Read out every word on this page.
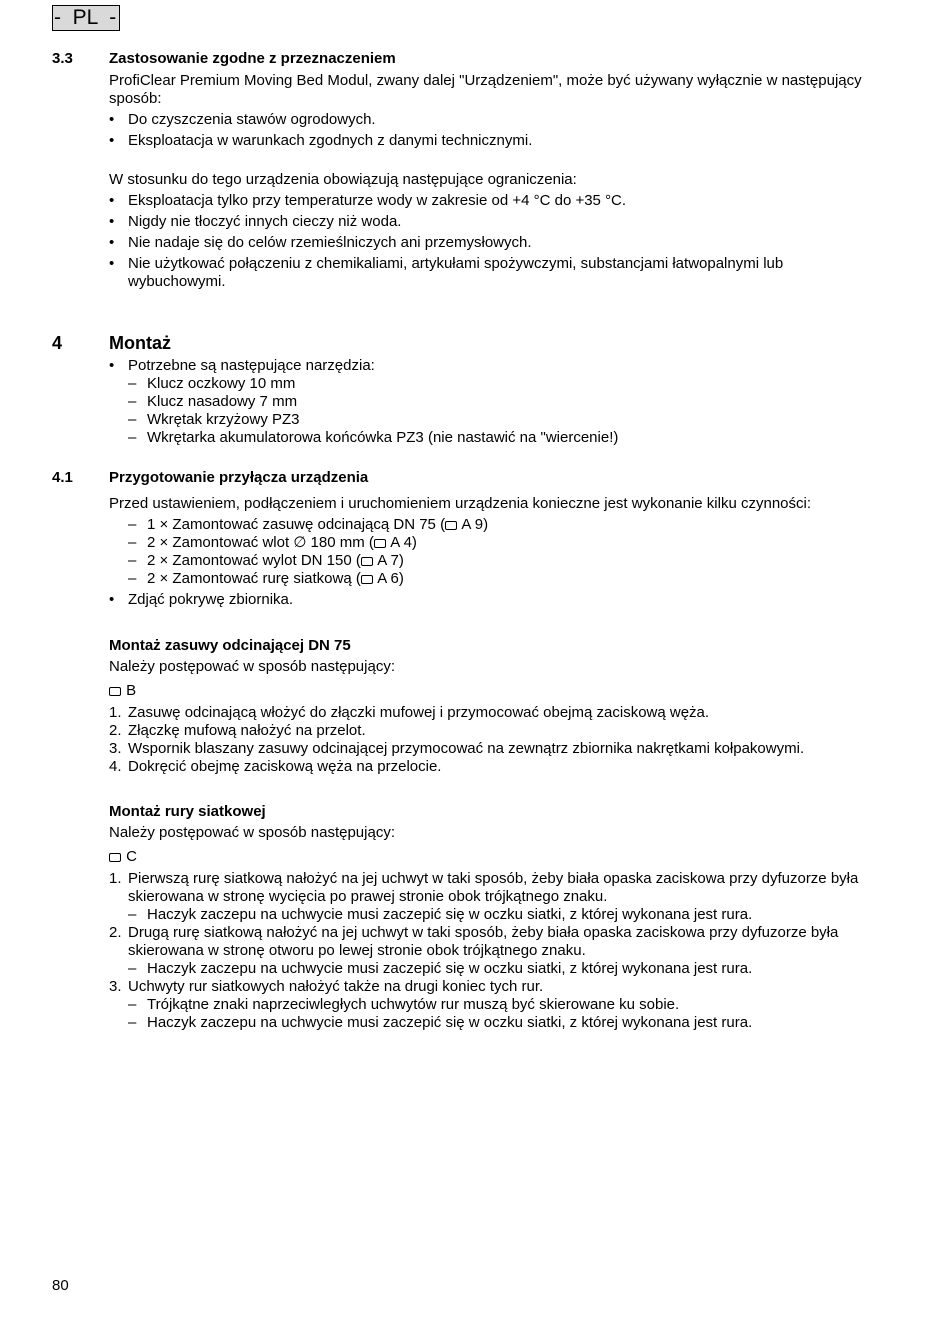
-  PL  -
3.3 Zastosowanie zgodne z przeznaczeniem

ProfiClear Premium Moving Bed Modul, zwany dalej "Urządzeniem", może być używany wyłącznie w następujący sposób:

• Do czyszczenia stawów ogrodowych.
• Eksploatacja w warunkach zgodnych z danymi technicznymi.

W stosunku do tego urządzenia obowiązują następujące ograniczenia:

• Eksploatacja tylko przy temperaturze wody w zakresie od +4 °C do +35 °C.
• Nigdy nie tłoczyć innych cieczy niż woda.
• Nie nadaje się do celów rzemieślniczych ani przemysłowych.
• Nie użytkować połączeniu z chemikaliami, artykułami spożywczymi, substancjami łatwopalnymi lub wybuchowymi.
4	Montaż
• Potrzebne są następujące narzędzia:
– Klucz oczkowy 10 mm
– Klucz nasadowy 7 mm
– Wkrętak krzyżowy PZ3
– Wkrętarka akumulatorowa końcówka PZ3 (nie nastawić na "wiercenie!)
4.1 Przygotowanie przyłącza urządzenia

Przed ustawieniem, podłączeniem i uruchomieniem urządzenia konieczne jest wykonanie kilku czynności:

– 1 × Zamontować zasuwę odcinającą DN 75 ( A 9)
– 2 × Zamontować wlot ∅ 180 mm ( A 4)
– 2 × Zamontować wylot DN 150 ( A 7)
– 2 × Zamontować rurę siatkową ( A 6)
• Zdjąć pokrywę zbiornika.
Montaż zasuwy odcinającej DN 75

Należy postępować w sposób następujący:

B

1. Zasuwę odcinającą włożyć do złączki mufowej i przymocować obejmą zaciskową węża.
2. Złączkę mufową nałożyć na przelot.
3. Wspornik blaszany zasuwy odcinającej przymocować na zewnątrz zbiornika nakrętkami kołpakowymi.
4. Dokręcić obejmę zaciskową węża na przelocie.
Montaż rury siatkowej

Należy postępować w sposób następujący:

C

1. Pierwszą rurę siatkową nałożyć na jej uchwyt w taki sposób, żeby biała opaska zaciskowa przy dyfuzorze była skierowana w stronę wycięcia po prawej stronie obok trójkątnego znaku.
– Haczyk zaczepu na uchwycie musi zaczepić się w oczku siatki, z której wykonana jest rura.
2. Drugą rurę siatkową nałożyć na jej uchwyt w taki sposób, żeby biała opaska zaciskowa przy dyfuzorze była skierowana w stronę otworu po lewej stronie obok trójkątnego znaku.
– Haczyk zaczepu na uchwycie musi zaczepić się w oczku siatki, z której wykonana jest rura.
3. Uchwyty rur siatkowych nałożyć także na drugi koniec tych rur.
– Trójkątne znaki naprzeciwległych uchwytów rur muszą być skierowane ku sobie.
– Haczyk zaczepu na uchwycie musi zaczepić się w oczku siatki, z której wykonana jest rura.
80
